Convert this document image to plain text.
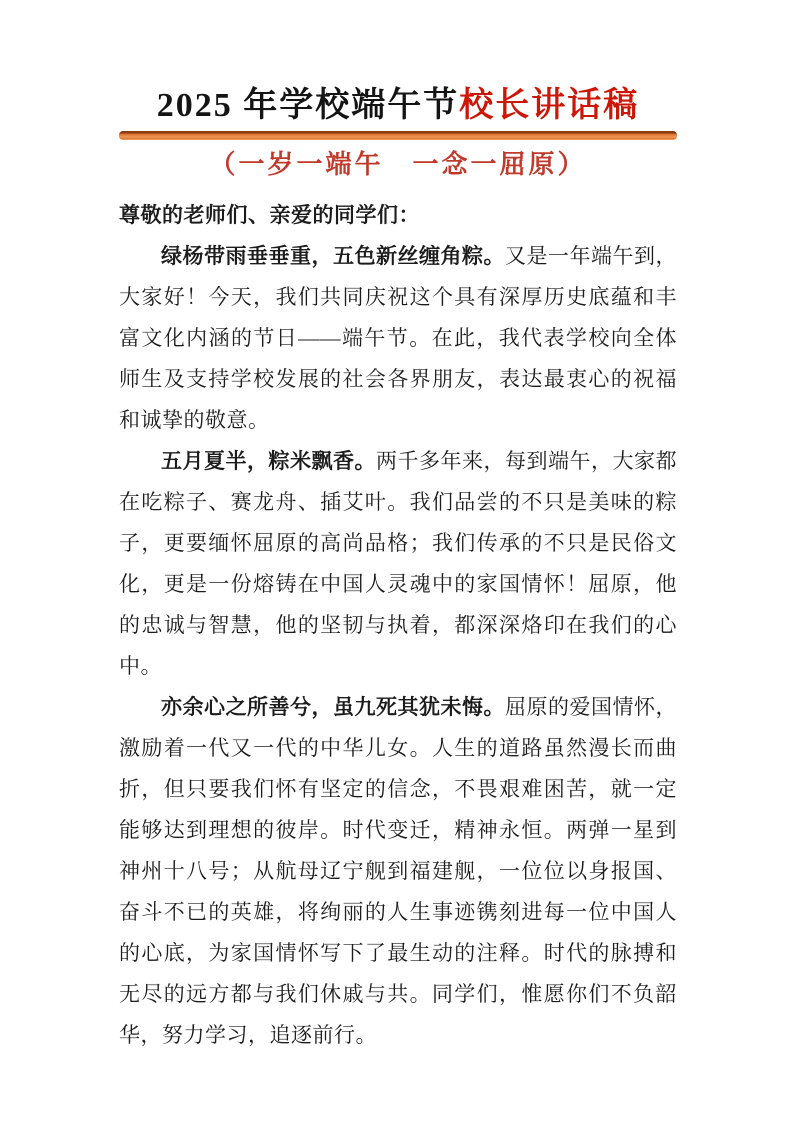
2025 年学校端午节校长讲话稿
（一岁一端午　一念一屈原）

尊敬的老师们、亲爱的同学们：

绿杨带雨垂垂重，五色新丝缠角粽。又是一年端午到，大家好！今天，我们共同庆祝这个具有深厚历史底蕴和丰富文化内涵的节日——端午节。在此，我代表学校向全体师生及支持学校发展的社会各界朋友，表达最衷心的祝福和诚挚的敬意。

五月夏半，粽米飘香。两千多年来，每到端午，大家都在吃粽子、赛龙舟、插艾叶。我们品尝的不只是美味的粽子，更要缅怀屈原的高尚品格；我们传承的不只是民俗文化，更是一份熔铸在中国人灵魂中的家国情怀！屈原，他的忠诚与智慧，他的坚韧与执着，都深深烙印在我们的心中。

亦余心之所善兮，虽九死其犹未悔。屈原的爱国情怀，激励着一代又一代的中华儿女。人生的道路虽然漫长而曲折，但只要我们怀有坚定的信念，不畏艰难困苦，就一定能够达到理想的彼岸。时代变迁，精神永恒。两弹一星到神州十八号；从航母辽宁舰到福建舰，一位位以身报国、奋斗不已的英雄，将绚丽的人生事迹镌刻进每一位中国人的心底，为家国情怀写下了最生动的注释。时代的脉搏和无尽的远方都与我们休戚与共。同学们，惟愿你们不负韶华，努力学习，追逐前行。
